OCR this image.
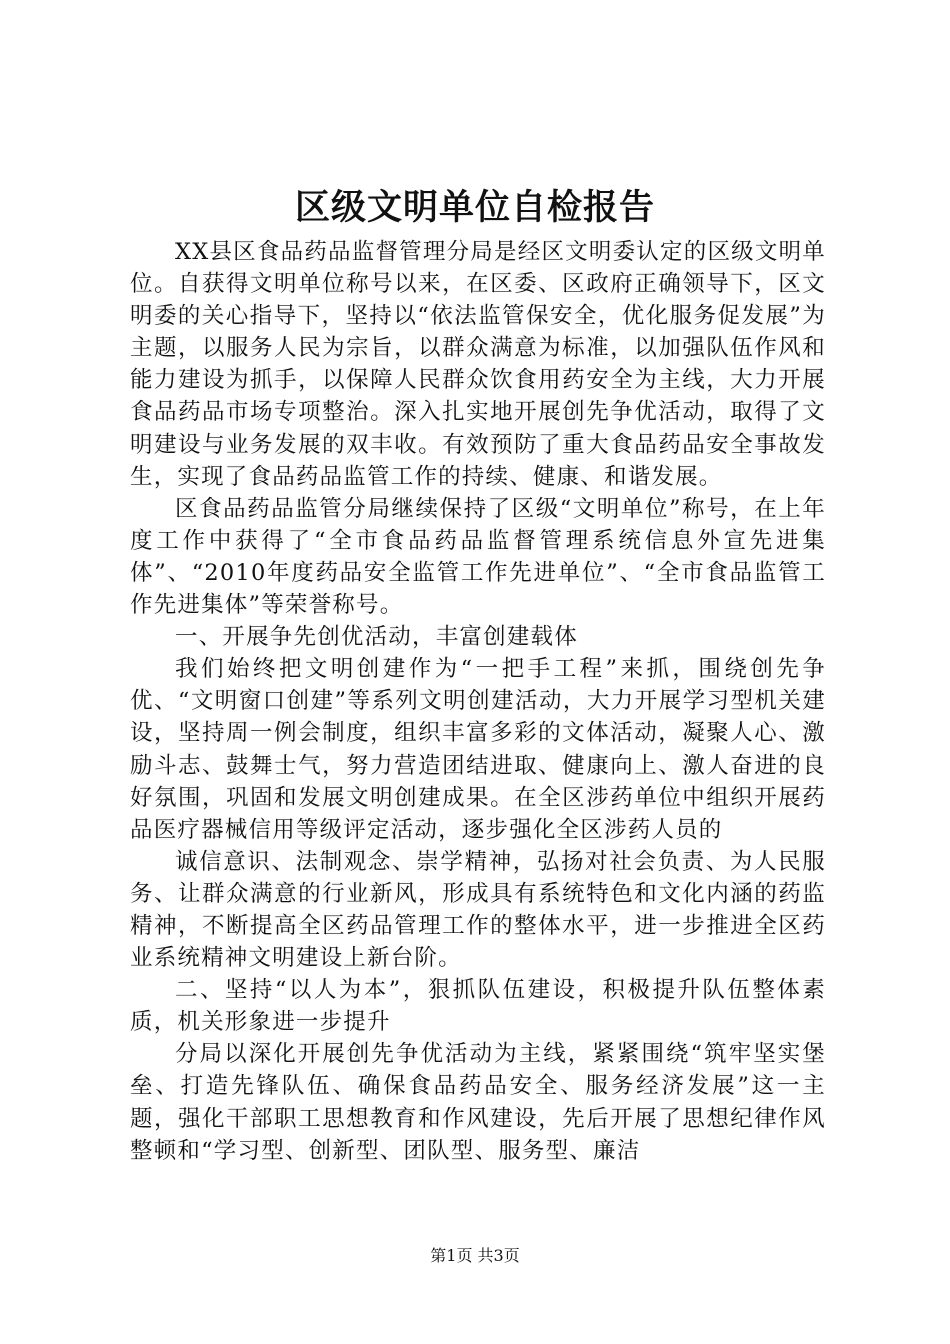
区级文明单位自检报告

XX县区食品药品监督管理分局是经区文明委认定的区级文明单位。自获得文明单位称号以来，在区委、区政府正确领导下，区文明委的关心指导下，坚持以“依法监管保安全，优化服务促发展”为主题，以服务人民为宗旨，以群众满意为标准，以加强队伍作风和能力建设为抓手，以保障人民群众饮食用药安全为主线，大力开展食品药品市场专项整治。深入扎实地开展创先争优活动，取得了文明建设与业务发展的双丰收。有效预防了重大食品药品安全事故发生，实现了食品药品监管工作的持续、健康、和谐发展。

区食品药品监管分局继续保持了区级“文明单位”称号，在上年度工作中获得了“全市食品药品监督管理系统信息外宣先进集体”、“2010年度药品安全监管工作先进单位”、“全市食品监管工作先进集体”等荣誉称号。

一、开展争先创优活动，丰富创建载体

我们始终把文明创建作为“一把手工程”来抓，围绕创先争优、“文明窗口创建”等系列文明创建活动，大力开展学习型机关建设，坚持周一例会制度，组织丰富多彩的文体活动，凝聚人心、激励斗志、鼓舞士气，努力营造团结进取、健康向上、激人奋进的良好氛围，巩固和发展文明创建成果。在全区涉药单位中组织开展药品医疗器械信用等级评定活动，逐步强化全区涉药人员的

诚信意识、法制观念、崇学精神，弘扬对社会负责、为人民服务、让群众满意的行业新风，形成具有系统特色和文化内涵的药监精神，不断提高全区药品管理工作的整体水平，进一步推进全区药业系统精神文明建设上新台阶。

二、坚持“以人为本”，狠抓队伍建设，积极提升队伍整体素质，机关形象进一步提升

分局以深化开展创先争优活动为主线，紧紧围绕“筑牢坚实堡垒、打造先锋队伍、确保食品药品安全、服务经济发展”这一主题，强化干部职工思想教育和作风建设，先后开展了思想纪律作风整顿和“学习型、创新型、团队型、服务型、廉洁

第1页 共3页
